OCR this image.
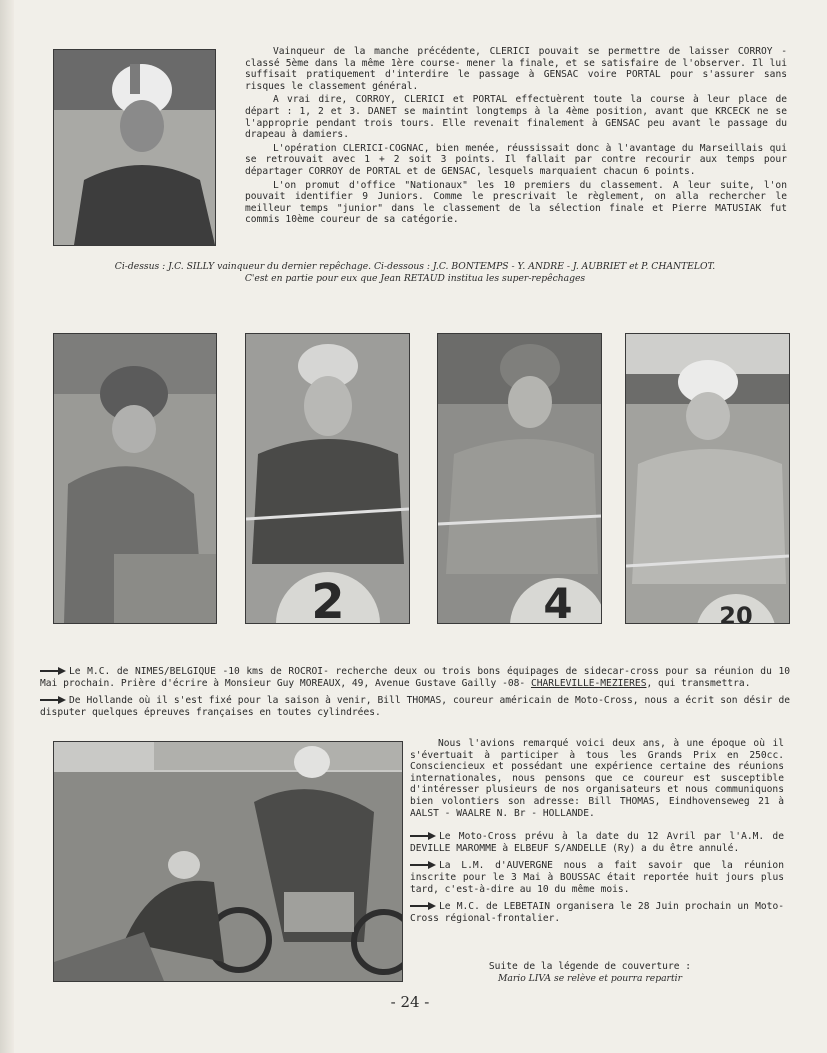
Vainqueur de la manche précédente, CLERICI pouvait se permettre de laisser CORROY -classé 5ème dans la même 1ère course- mener la finale, et se satisfaire de l'observer. Il lui suffisait pratiquement d'interdire le passage à GENSAC voire PORTAL pour s'assurer sans risques le classement général.

A vrai dire, CORROY, CLERICI et PORTAL effectuèrent toute la course à leur place de départ : 1, 2 et 3. DANET se maintint longtemps à la 4ème position, avant que KRCECK ne se l'approprie pendant trois tours. Elle revenait finalement à GENSAC peu avant le passage du drapeau à damiers.

L'opération CLERICI-COGNAC, bien menée, réussissait donc à l'avantage du Marseillais qui se retrouvait avec 1 + 2 soit 3 points. Il fallait par contre recourir aux temps pour départager CORROY de PORTAL et de GENSAC, lesquels marquaient chacun 6 points.

L'on promut d'office "Nationaux" les 10 premiers du classement. A leur suite, l'on pouvait identifier 9 Juniors. Comme le prescrivait le règlement, on alla rechercher le meilleur temps "junior" dans le classement de la sélection finale et Pierre MATUSIAK fut commis 10ème coureur de sa catégorie.

Ci-dessus : J.C. SILLY vainqueur du dernier repêchage. Ci-dessous : J.C. BONTEMPS - Y. ANDRE - J. AUBRIET et P. CHANTELOT.
C'est en partie pour eux que Jean RETAUD institua les super-repêchages
2	4	20
Le M.C. de NIMES/BELGIQUE -10 kms de ROCROI- recherche deux ou trois bons équipages de sidecar-cross pour sa réunion du 10 Mai prochain. Prière d'écrire à Monsieur Guy MOREAUX, 49, Avenue Gustave Gailly -08- CHARLEVILLE-MEZIERES, qui transmettra.
De Hollande où il s'est fixé pour la saison à venir, Bill THOMAS, coureur américain de Moto-Cross, nous a écrit son désir de disputer quelques épreuves françaises en toutes cylindrées.

Nous l'avions remarqué voici deux ans, à une époque où il s'évertuait à participer à tous les Grands Prix en 250cc. Consciencieux et possédant une expérience certaine des réunions internationales, nous pensons que ce coureur est susceptible d'intéresser plusieurs de nos organisateurs et nous communiquons bien volontiers son adresse: Bill THOMAS, Eindhovenseweg 21 à AALST - WAALRE N. Br - HOLLANDE.

Le Moto-Cross prévu à la date du 12 Avril par l'A.M. de DEVILLE MAROMME à ELBEUF S/ANDELLE (Ry) a du être annulé.
La L.M. d'AUVERGNE nous a fait savoir que la réunion inscrite pour le 3 Mai à BOUSSAC était reportée huit jours plus tard, c'est-à-dire au 10 du même mois.
Le M.C. de LEBETAIN organisera le 28 Juin prochain un Moto-Cross régional-frontalier.
Suite de la légende de couverture :
Mario LIVA se relève et pourra repartir
- 24 -
